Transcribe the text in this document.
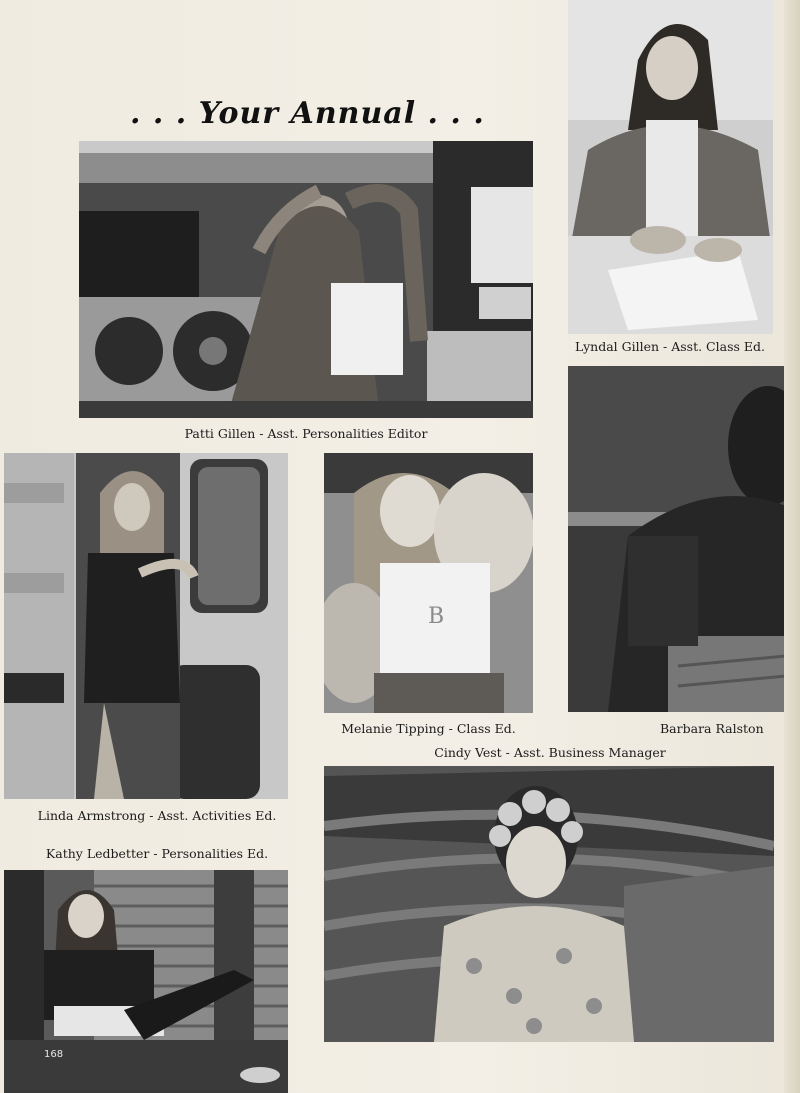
. . . Your Annual . . .
Patti Gillen - Asst. Personalities Editor
Lyndal Gillen - Asst. Class Ed.
Linda Armstrong - Asst. Activities Ed.
B
Melanie Tipping - Class Ed.	Barbara Ralston
Cindy Vest - Asst. Business Manager
Kathy Ledbetter - Personalities Ed.
168
